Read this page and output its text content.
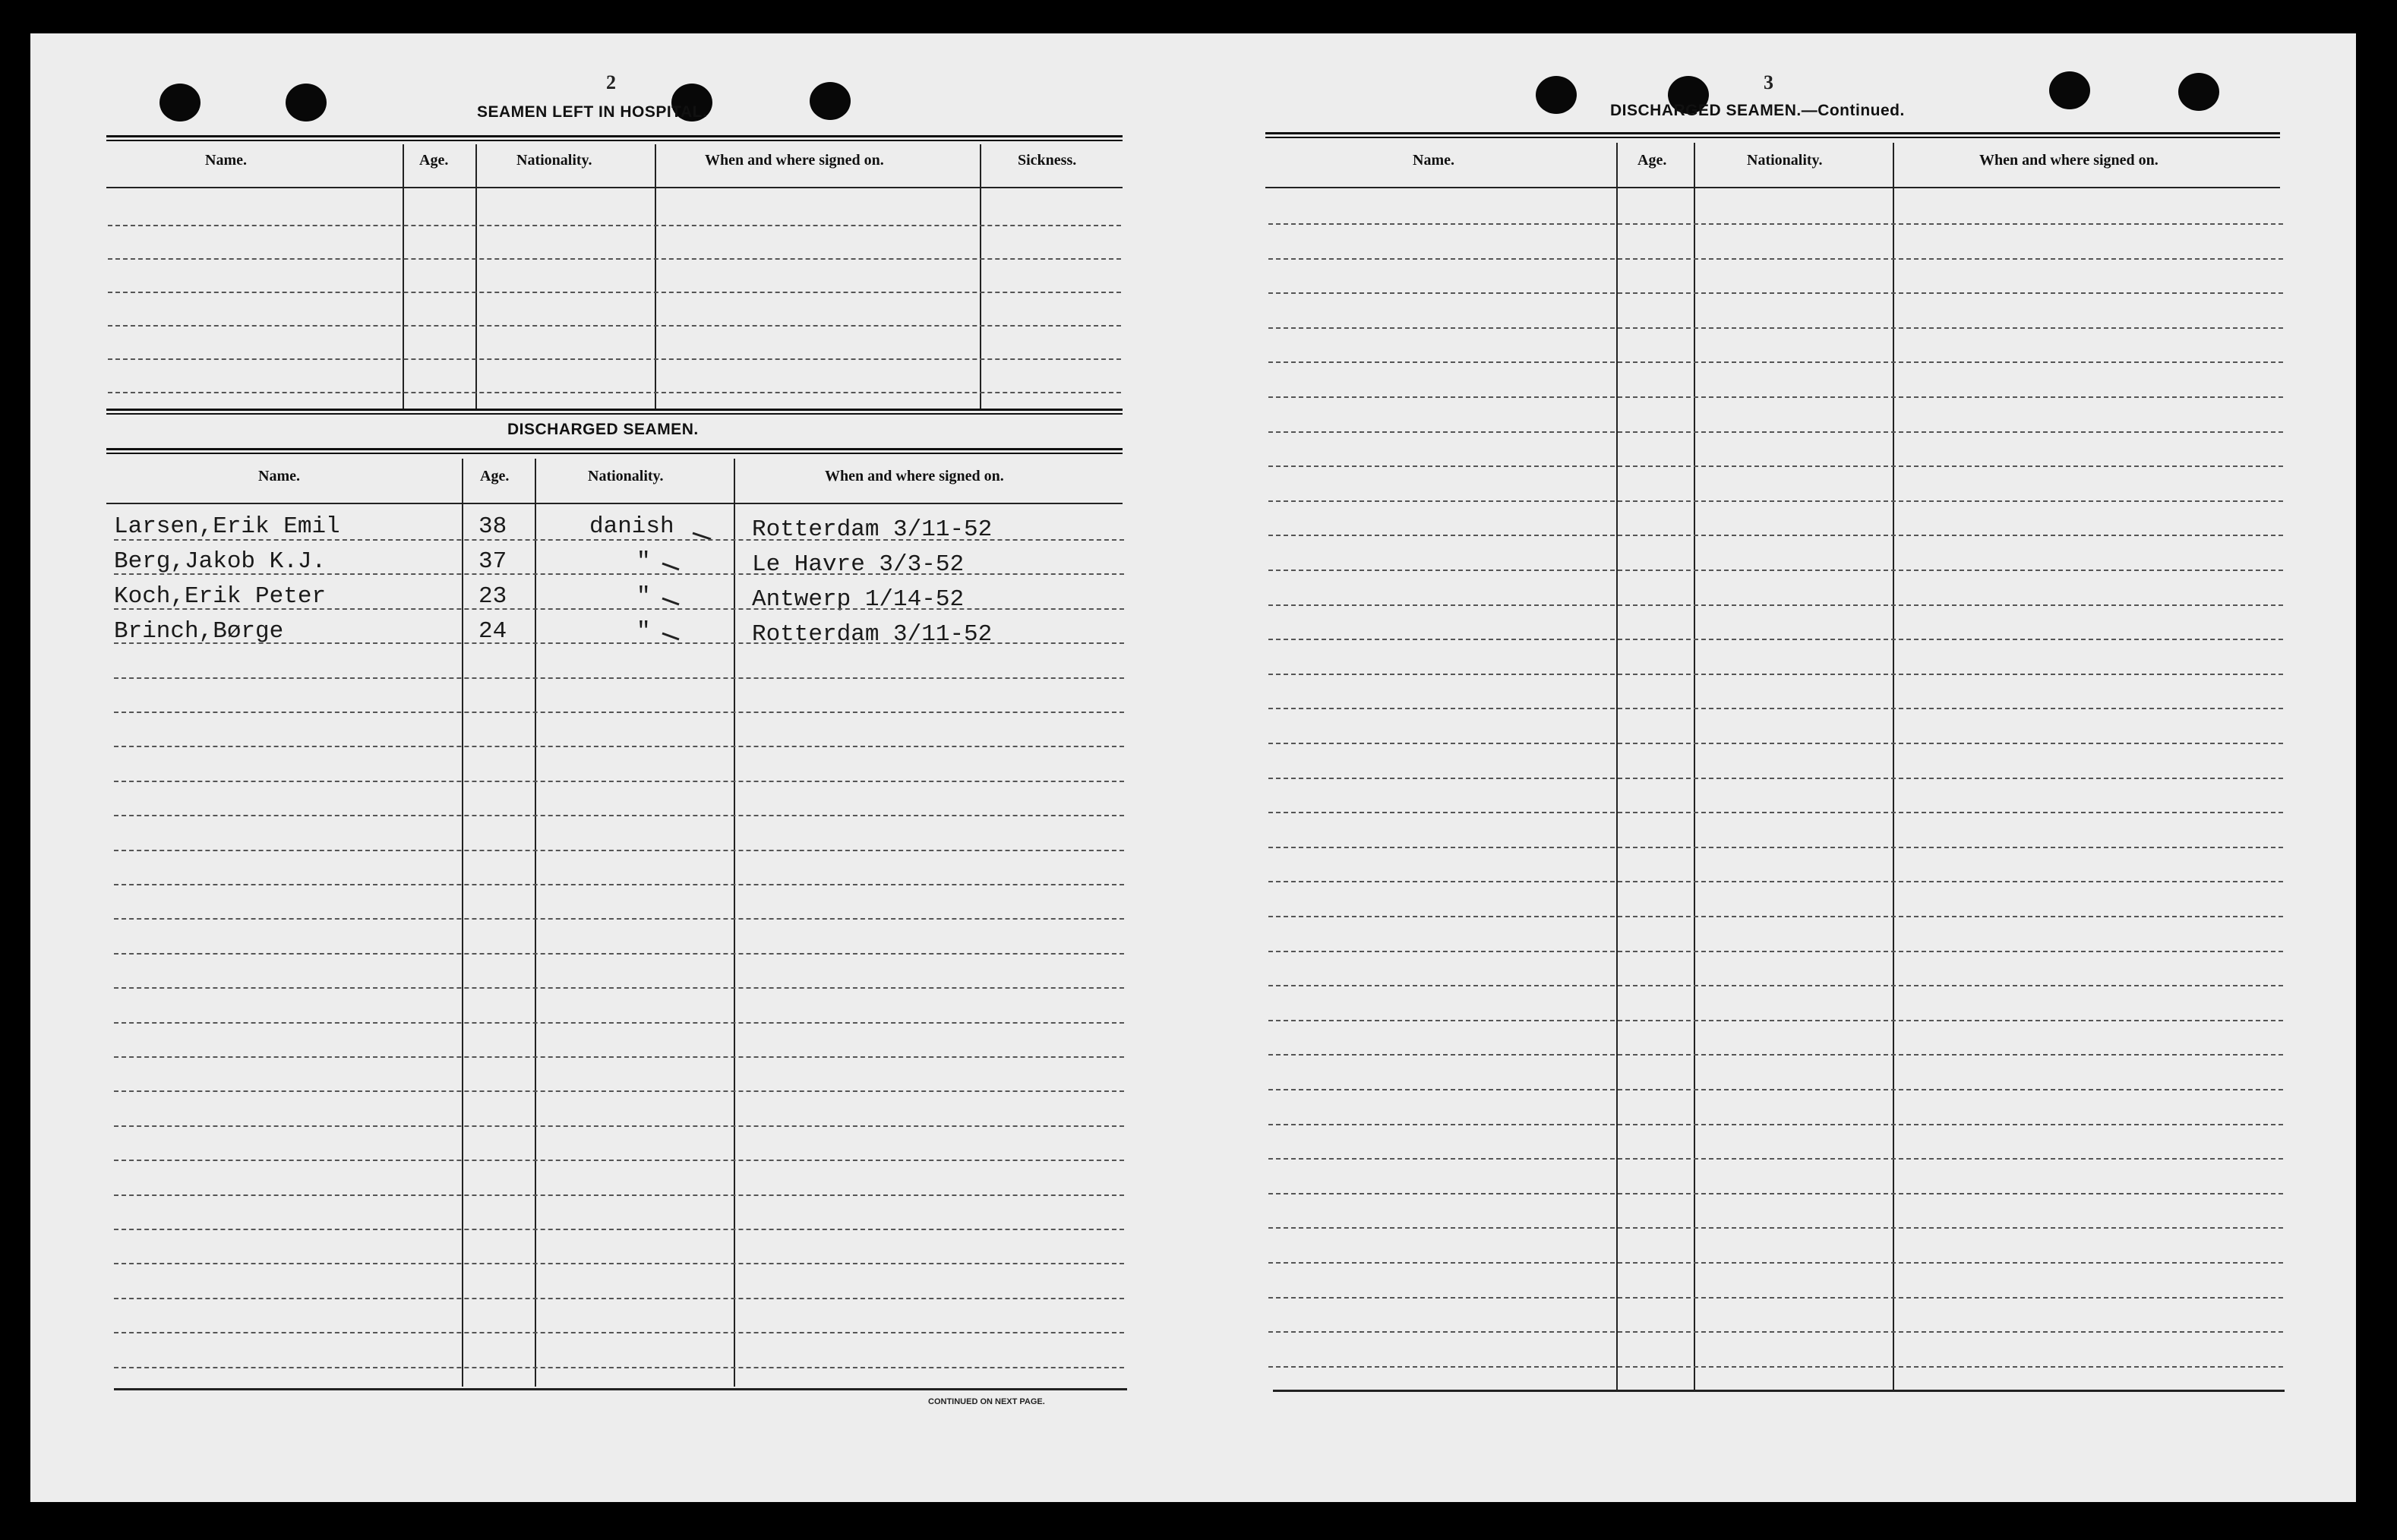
2
SEAMEN LEFT IN HOSPITAL.
Name.	Age.	Nationality.	When and where signed on.	Sickness.
DISCHARGED SEAMEN.
Name.	Age.	Nationality.	When and where signed on.
Larsen,Erik Emil	38	danish	Rotterdam 3/11-52
Berg,Jakob K.J.	37	"	Le Havre 3/3-52
Koch,Erik Peter	23	"	Antwerp 1/14-52
Brinch,Børge	24	"	Rotterdam 3/11-52
CONTINUED ON NEXT PAGE.
3
DISCHARGED SEAMEN.—Continued.
Name.	Age.	Nationality.	When and where signed on.
